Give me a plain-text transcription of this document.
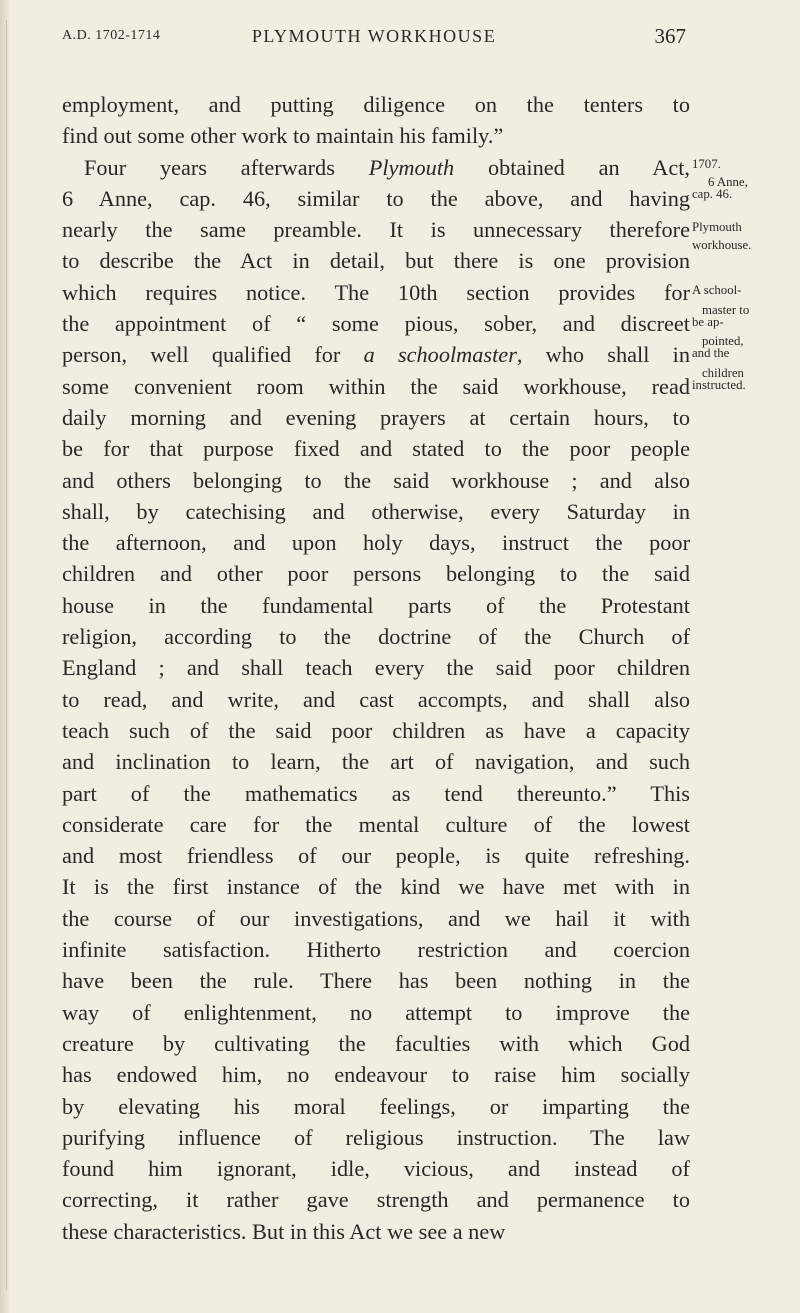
A.D. 1702-1714	PLYMOUTH WORKHOUSE	367
employment, and putting diligence on the tenters to
find out some other work to maintain his family.”
Four years afterwards Plymouth obtained an Act,
6 Anne, cap. 46, similar to the above, and having
nearly the same preamble. It is unnecessary therefore
to describe the Act in detail, but there is one provision
which requires notice. The 10th section provides for
the appointment of “ some pious, sober, and discreet
person, well qualified for a schoolmaster, who shall in
some convenient room within the said workhouse, read
daily morning and evening prayers at certain hours, to
be for that purpose fixed and stated to the poor people
and others belonging to the said workhouse ; and also
shall, by catechising and otherwise, every Saturday in
the afternoon, and upon holy days, instruct the poor
children and other poor persons belonging to the said
house in the fundamental parts of the Protestant
religion, according to the doctrine of the Church of
England ; and shall teach every the said poor children
to read, and write, and cast accompts, and shall also
teach such of the said poor children as have a capacity
and inclination to learn, the art of navigation, and such
part of the mathematics as tend thereunto.” This
considerate care for the mental culture of the lowest
and most friendless of our people, is quite refreshing.
It is the first instance of the kind we have met with in
the course of our investigations, and we hail it with
infinite satisfaction. Hitherto restriction and coercion
have been the rule. There has been nothing in the
way of enlightenment, no attempt to improve the
creature by cultivating the faculties with which God
has endowed him, no endeavour to raise him socially
by elevating his moral feelings, or imparting the
purifying influence of religious instruction. The law
found him ignorant, idle, vicious, and instead of
correcting, it rather gave strength and permanence to
these characteristics. But in this Act we see a new
1707.
6 Anne,
cap. 46.
Plymouth
workhouse.
A school-
master to
be ap-
pointed,
and the
children
instructed.
